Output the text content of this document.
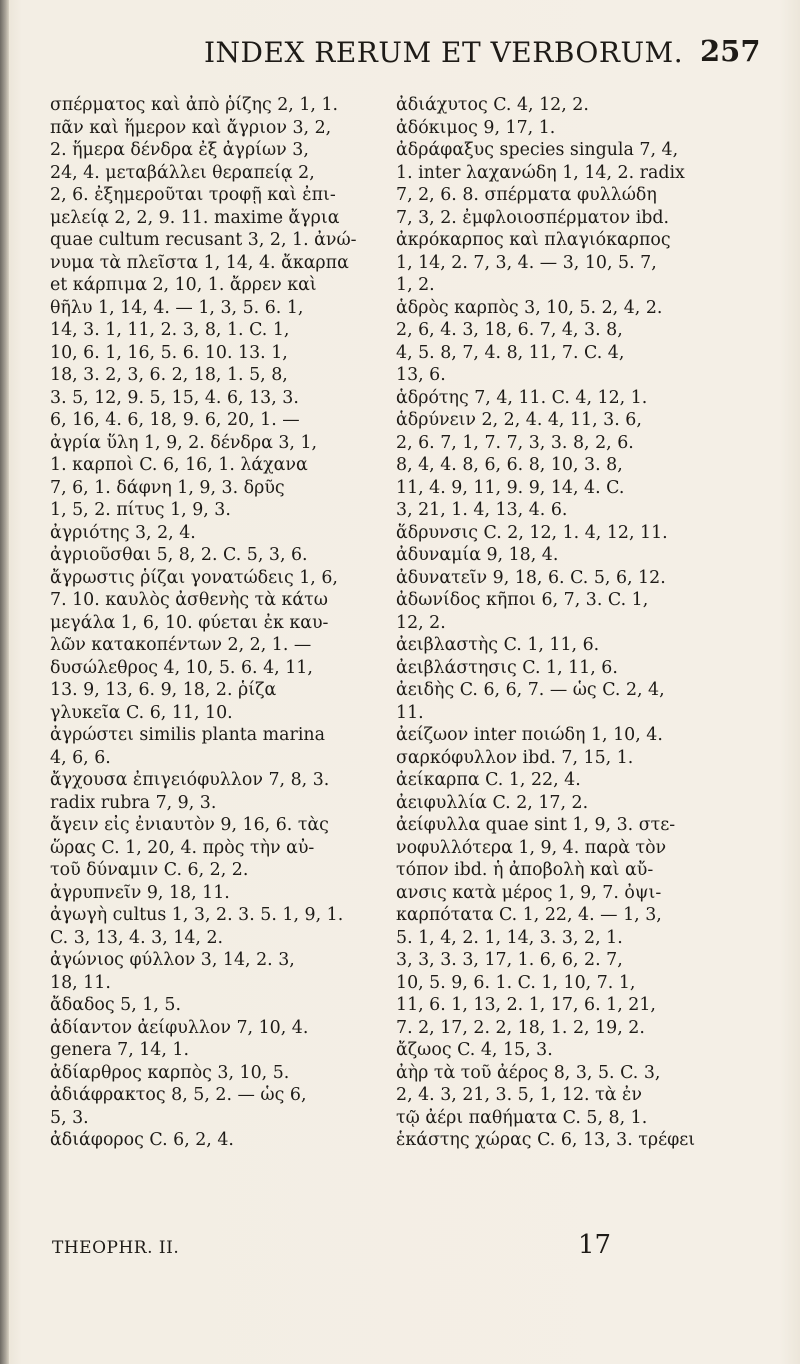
INDEX RERUM ET VERBORUM. 257
σπέρματος καὶ ἀπὸ ῥίζης 2, 1, 1.
πᾶν καὶ ἥμερον καὶ ἄγριον 3, 2,
2. ἥμερα δένδρα ἐξ ἀγρίων 3,
24, 4. μεταβάλλει θεραπείᾳ 2,
2, 6. ἐξημεροῦται τροφῇ καὶ ἐπι-
μελείᾳ 2, 2, 9. 11. maxime ἄγρια
quae cultum recusant 3, 2, 1. ἀνώ-
νυμα τὰ πλεῖστα 1, 14, 4. ἄκαρπα
et κάρπιμα 2, 10, 1. ἄρρεν καὶ
θῆλυ 1, 14, 4. — 1, 3, 5. 6. 1,
14, 3. 1, 11, 2. 3, 8, 1. C. 1,
10, 6. 1, 16, 5. 6. 10. 13. 1,
18, 3. 2, 3, 6. 2, 18, 1. 5, 8,
3. 5, 12, 9. 5, 15, 4. 6, 13, 3.
6, 16, 4. 6, 18, 9. 6, 20, 1. —
ἀγρία ὕλη 1, 9, 2. δένδρα 3, 1,
1. καρποὶ C. 6, 16, 1. λάχανα
7, 6, 1. δάφνη 1, 9, 3. δρῦς
1, 5, 2. πίτυς 1, 9, 3.
ἀγριότης 3, 2, 4.
ἀγριοῦσθαι 5, 8, 2. C. 5, 3, 6.
ἄγρωστις ῥίζαι γονατώδεις 1, 6,
7. 10. καυλὸς ἀσθενὴς τὰ κάτω
μεγάλα 1, 6, 10. φύεται ἐκ καυ-
λῶν κατακοπέντων 2, 2, 1. —
δυσώλεθρος 4, 10, 5. 6. 4, 11,
13. 9, 13, 6. 9, 18, 2. ῥίζα
γλυκεῖα C. 6, 11, 10.
ἀγρώστει similis planta marina
4, 6, 6.
ἄγχουσα ἐπιγειόφυλλον 7, 8, 3.
radix rubra 7, 9, 3.
ἄγειν εἰς ἐνιαυτὸν 9, 16, 6. τὰς
ὥρας C. 1, 20, 4. πρὸς τὴν αὐ-
τοῦ δύναμιν C. 6, 2, 2.
ἀγρυπνεῖν 9, 18, 11.
ἀγωγὴ cultus 1, 3, 2. 3. 5. 1, 9, 1.
C. 3, 13, 4. 3, 14, 2.
ἀγώνιος φύλλον 3, 14, 2. 3,
18, 11.
ἄδαδος 5, 1, 5.
ἀδίαντον ἀείφυλλον 7, 10, 4.
genera 7, 14, 1.
ἀδίαρθρος καρπὸς 3, 10, 5.
ἀδιάφρακτος 8, 5, 2. — ὡς 6,
5, 3.
ἀδιάφορος C. 6, 2, 4.
ἀδιάχυτος C. 4, 12, 2.
ἀδόκιμος 9, 17, 1.
ἀδράφαξυς species singula 7, 4,
1. inter λαχανώδη 1, 14, 2. radix
7, 2, 6. 8. σπέρματα φυλλώδη
7, 3, 2. ἐμφλοιοσπέρματον ibd.
ἀκρόκαρπος καὶ πλαγιόκαρπος
1, 14, 2. 7, 3, 4. — 3, 10, 5. 7,
1, 2.
ἁδρὸς καρπὸς 3, 10, 5. 2, 4, 2.
2, 6, 4. 3, 18, 6. 7, 4, 3. 8,
4, 5. 8, 7, 4. 8, 11, 7. C. 4,
13, 6.
ἁδρότης 7, 4, 11. C. 4, 12, 1.
ἁδρύνειν 2, 2, 4. 4, 11, 3. 6,
2, 6. 7, 1, 7. 7, 3, 3. 8, 2, 6.
8, 4, 4. 8, 6, 6. 8, 10, 3. 8,
11, 4. 9, 11, 9. 9, 14, 4. C.
3, 21, 1. 4, 13, 4. 6.
ἅδρυνσις C. 2, 12, 1. 4, 12, 11.
ἀδυναμία 9, 18, 4.
ἀδυνατεῖν 9, 18, 6. C. 5, 6, 12.
ἀδωνίδος κῆποι 6, 7, 3. C. 1,
12, 2.
ἀειβλαστὴς C. 1, 11, 6.
ἀειβλάστησις C. 1, 11, 6.
ἀειδὴς C. 6, 6, 7. — ὡς C. 2, 4,
11.
ἀείζωον inter ποιώδη 1, 10, 4.
σαρκόφυλλον ibd. 7, 15, 1.
ἀείκαρπα C. 1, 22, 4.
ἀειφυλλία C. 2, 17, 2.
ἀείφυλλα quae sint 1, 9, 3. στε-
νοφυλλότερα 1, 9, 4. παρὰ τὸν
τόπον ibd. ἡ ἀποβολὴ καὶ αὔ-
ανσις κατὰ μέρος 1, 9, 7. ὀψι-
καρπότατα C. 1, 22, 4. — 1, 3,
5. 1, 4, 2. 1, 14, 3. 3, 2, 1.
3, 3, 3. 3, 17, 1. 6, 6, 2. 7,
10, 5. 9, 6. 1. C. 1, 10, 7. 1,
11, 6. 1, 13, 2. 1, 17, 6. 1, 21,
7. 2, 17, 2. 2, 18, 1. 2, 19, 2.
ἄζωος C. 4, 15, 3.
ἀὴρ τὰ τοῦ ἀέρος 8, 3, 5. C. 3,
2, 4. 3, 21, 3. 5, 1, 12. τὰ ἐν
τῷ ἀέρι παθήματα C. 5, 8, 1.
ἑκάστης χώρας C. 6, 13, 3. τρέφει
THEOPHR. II.	17
